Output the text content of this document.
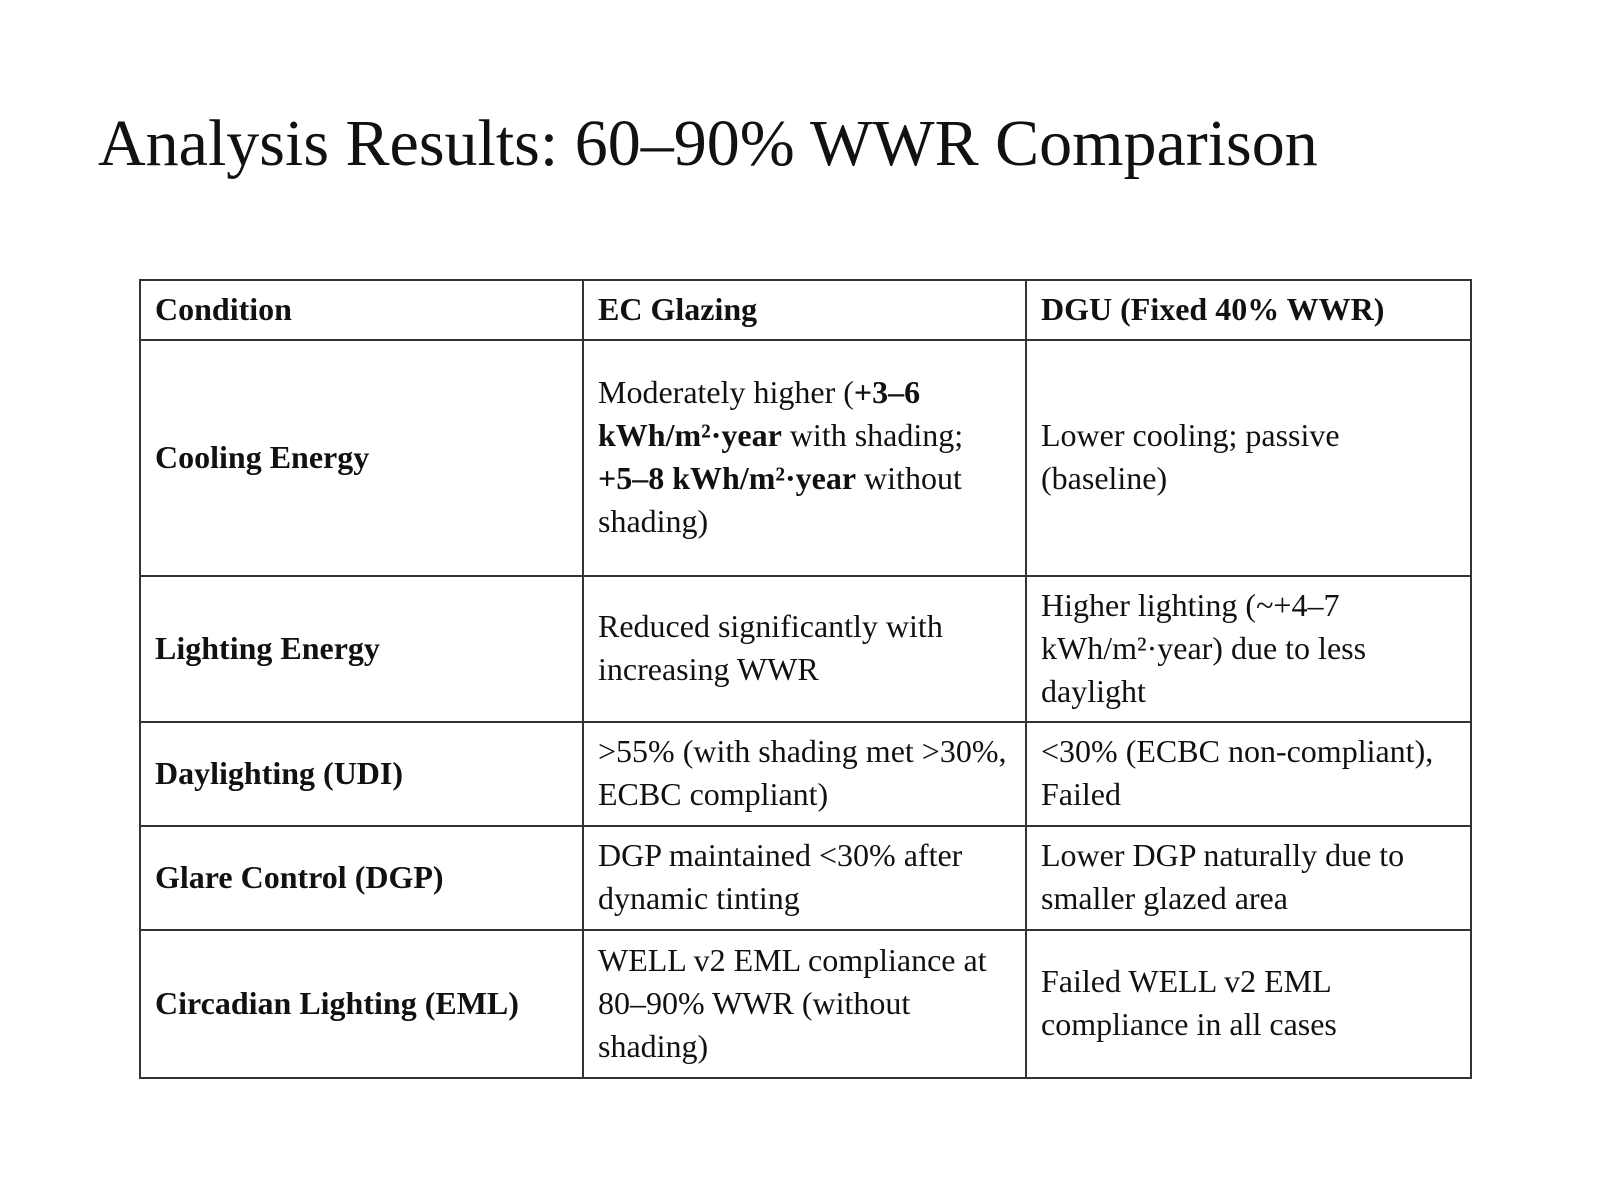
Analysis Results: 60–90% WWR Comparison
Condition	EC Glazing	DGU (Fixed 40% WWR)
Cooling Energy	Moderately higher (+3–6 kWh/m²·year with shading; +5–8 kWh/m²·year without shading)	Lower cooling; passive (baseline)
Lighting Energy	Reduced significantly with increasing WWR	Higher lighting (~+4–7 kWh/m²·year) due to less daylight
Daylighting (UDI)	>55% (with shading met >30%, ECBC compliant)	<30% (ECBC non-compliant), Failed
Glare Control (DGP)	DGP maintained <30% after dynamic tinting	Lower DGP naturally due to smaller glazed area
Circadian Lighting (EML)	WELL v2 EML compliance at 80–90% WWR (without shading)	Failed WELL v2 EML compliance in all cases
